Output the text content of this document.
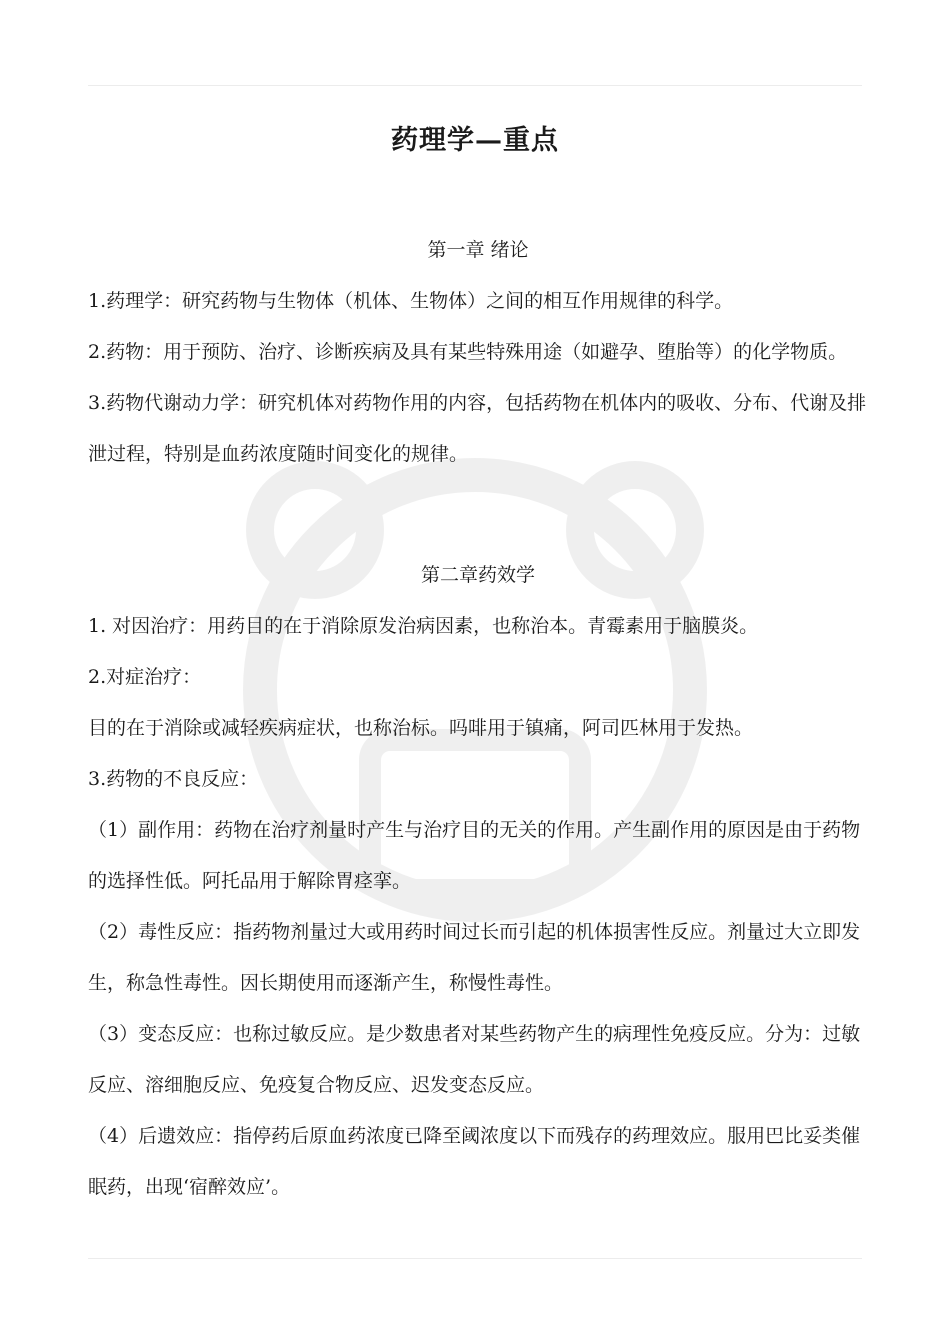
药理学—重点
第一章 绪论

1.药理学：研究药物与生物体（机体、生物体）之间的相互作用规律的科学。

2.药物：用于预防、治疗、诊断疾病及具有某些特殊用途（如避孕、堕胎等）的化学物质。

3.药物代谢动力学：研究机体对药物作用的内容，包括药物在机体内的吸收、分布、代谢及排泄过程，特别是血药浓度随时间变化的规律。

第二章药效学

1. 对因治疗：用药目的在于消除原发治病因素，也称治本。青霉素用于脑膜炎。

2.对症治疗：

目的在于消除或减轻疾病症状，也称治标。吗啡用于镇痛，阿司匹林用于发热。

3.药物的不良反应：

（1）副作用：药物在治疗剂量时产生与治疗目的无关的作用。产生副作用的原因是由于药物的选择性低。阿托品用于解除胃痉挛。

（2）毒性反应：指药物剂量过大或用药时间过长而引起的机体损害性反应。剂量过大立即发生，称急性毒性。因长期使用而逐渐产生，称慢性毒性。

（3）变态反应：也称过敏反应。是少数患者对某些药物产生的病理性免疫反应。分为：过敏反应、溶细胞反应、免疫复合物反应、迟发变态反应。

（4）后遗效应：指停药后原血药浓度已降至阈浓度以下而残存的药理效应。服用巴比妥类催眠药，出现‘宿醉效应’。
